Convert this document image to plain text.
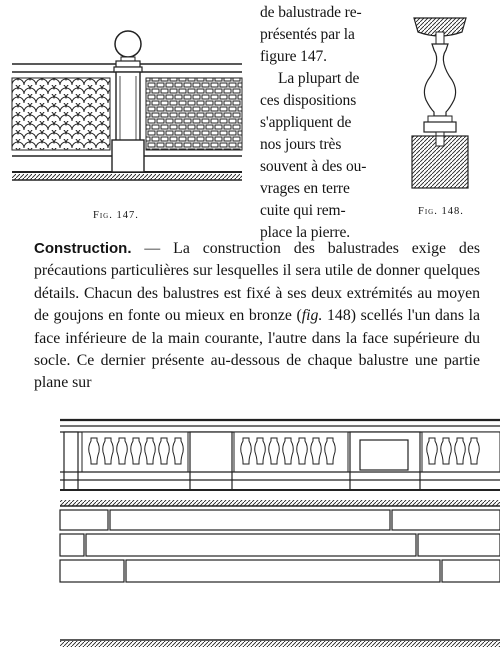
Fig. 147.
de balustrade re-
présentés par la
figure 147.
La plupart de
ces dispositions
s'appliquent de
nos jours très
souvent à des ou-
vrages en terre
cuite qui rem-
place la pierre.
Fig. 148.
Construction. — La construction des balustrades exige des précautions particulières sur lesquelles il sera utile de donner quelques détails. Chacun des balustres est fixé à ses deux extrémités au moyen de goujons en fonte ou mieux en bronze (fig. 148) scellés l'un dans la face inférieure de la main courante, l'autre dans la face supérieure du socle. Ce dernier présente au-dessous de chaque balustre une partie plane sur
